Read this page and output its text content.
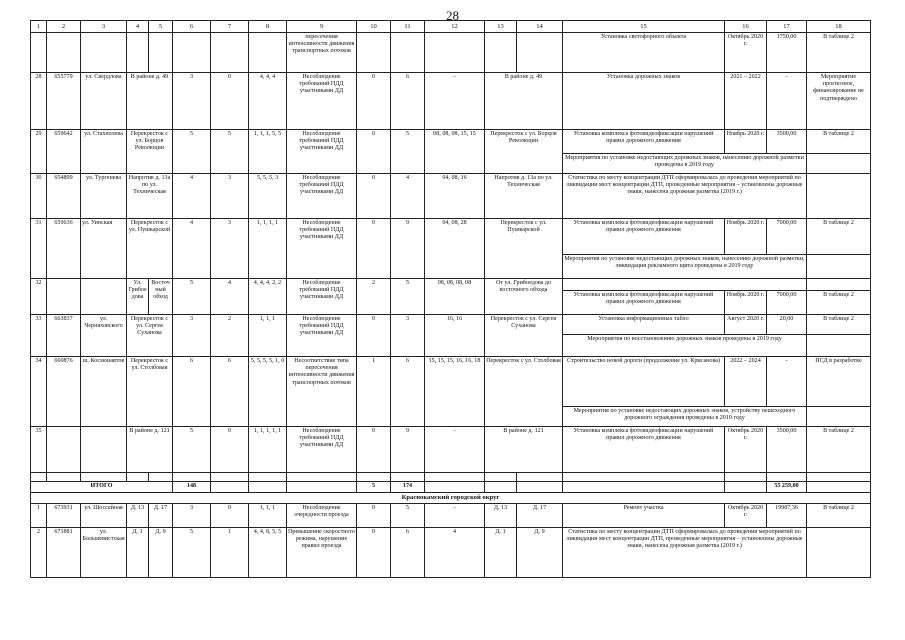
28
1	2	3	4	5	6	7	8	9	10	11	12	13	14	15	16	17	18
								пересечения интенсивности движения транспортных потоков						Установка светофорного объекта	Октябрь 2020 г.	1750,00	В таблице 2
28	655779	ул. Свердлова	В районе д. 49		3	0	4, 4, 4	Несоблюдение требований ПДД участниками ДД	0	6	-	В районе д. 49		Установка дорожных знаков	2021 – 2022	-	Мероприятие прогнозное, финансирование не подтверждено
29	659642	ул. Стахнолева	Перекресток с ул. Борцов Революции		5	5	1, 1, 1, 5, 5	Несоблюдение требований ПДД участниками ДД	0	5	08, 08, 08, 15, 15	Перекресток с ул. Борцов Революции		Установка комплекса фотовидеофиксации нарушений правил дорожного движения	Ноябрь 2020 г.	3500,00	В таблице 2
														Мероприятия по установке недостающих дорожных знаков, нанесению дорожной разметки проведены в 2019 году			
30	654899	ул. Тургенева	Напротив д. 13а по ул. Техническая		4	3	5, 5, 5, 3	Несоблюдение требований ПДД участниками ДД	0	4	04, 08, 16	Напротив д. 13а по ул. Техническая		Статистика по месту концентрации ДТП сформировалась до проведения мероприятий по ликвидации мест концентрации ДТП, проведенные мероприятия – установлены дорожные знаки, нанесена дорожная разметка (2019 г.)			
31	659636	ул. Уинская	Перекресток с ул. Пушкарской		4	3	1, 1, 1, 1	Несоблюдение требований ПДД участниками ДД	0	9	04, 08, 28	Перекресток с ул. Пушкарской		Установка комплекса фотовидеофиксации нарушений правил дорожного движения	Ноябрь 2020 г.	7000,00	В таблице 2
														Мероприятия по установке недостающих дорожных знаков, нанесению дорожной разметки, ликвидации рекламного щита проведены в 2019 году			
32			Ул. Грибоедова	Восточный обход	5	4	4, 4, 4, 2, 2	Несоблюдение требований ПДД участниками ДД	2	5	08, 08, 08, 08	От ул. Грибоедова до восточного обхода					
														Установка комплекса фотовидеофиксации нарушений правил дорожного движения	Ноябрь 2020 г.	7000,00	В таблице 2
33	663837	ул. Черняховского	Перекресток с ул. Сергея Суханова		3	2	1, 1, 1	Несоблюдение требований ПДД участниками ДД	0	3	16, 16	Перекресток с ул. Сергея Суханова		Установка информационных табло	Август 2020 г.	20,00	В таблице 2
														Мероприятия по восстановлению дорожных знаков проведены в 2019 году			
34	660876	ш. Космонавтов	Перекресток с ул. Столбовая		6	6	5, 5, 5, 5, 1, 0	Несоответствие типа пересечения интенсивности движения транспортных потоков	1	6	15, 15, 15, 16, 16, 18	Перекресток с ул. Столбовая		Строительство новой дороги (продолжение ул. Крисанова)	2022 – 2024	-	ПСД в разработке
														Мероприятия по установке недостающих дорожных знаков, устройству пешеходного дорожного ограждения проведены в 2019 году			
35			В районе д. 121		5	0	1, 1, 1, 1, 1	Несоблюдение требований ПДД участниками ДД	0	9	-	В районе д. 121		Установка комплекса фотовидеофиксации нарушений правил дорожного движения	Октябрь 2020 г.	3500,00	В таблице 2

ИТОГО					148				5	174						55 259,00	
Краснокамский городской округ																	
1	673931	ул. Шоссейная	Д. 13	Д. 17	3	0	1, 1, 1	Несоблюдение очередности проезда	0	5	-	Д. 13	Д. 17	Ремонт участка	Октябрь 2020 г.	19987,36	В таблице 2
2	671881	ул. Большевистская	Д. 1	Д. 9	5	1	4, 4, 8, 5, 5	Превышение скоростного режима, нарушение правил проезда	0	6	4	Д. 1	Д. 9	Статистика по месту концентрации ДТП сформировалась до проведения мероприятий по ликвидации мест концентрации ДТП, проведенные мероприятия – установлены дорожные знаки, нанесена дорожная разметка (2019 г.)			
